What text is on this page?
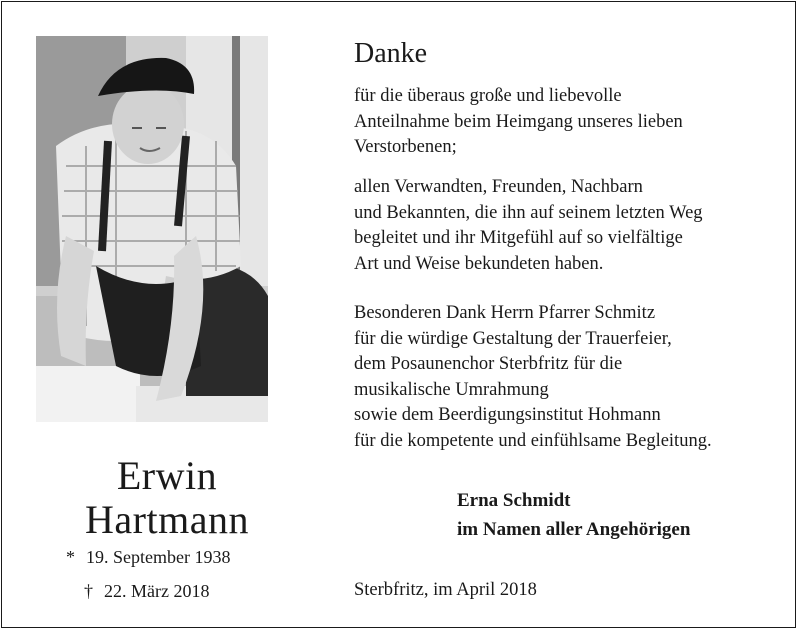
Erwin
Hartmann
* 19. September 1938
† 22. März 2018
Danke
für die überaus große und liebevolle
Anteilnahme beim Heimgang unseres lieben
Verstorbenen;
allen Verwandten, Freunden, Nachbarn
und Bekannten, die ihn auf seinem letzten Weg
begleitet und ihr Mitgefühl auf so vielfältige
Art und Weise bekundeten haben.
Besonderen Dank Herrn Pfarrer Schmitz
für die würdige Gestaltung der Trauerfeier,
dem Posaunenchor Sterbfritz für die
musikalische Umrahmung
sowie dem Beerdigungsinstitut Hohmann
für die kompetente und einfühlsame Begleitung.
Erna Schmidt
im Namen aller Angehörigen
Sterbfritz, im April 2018
